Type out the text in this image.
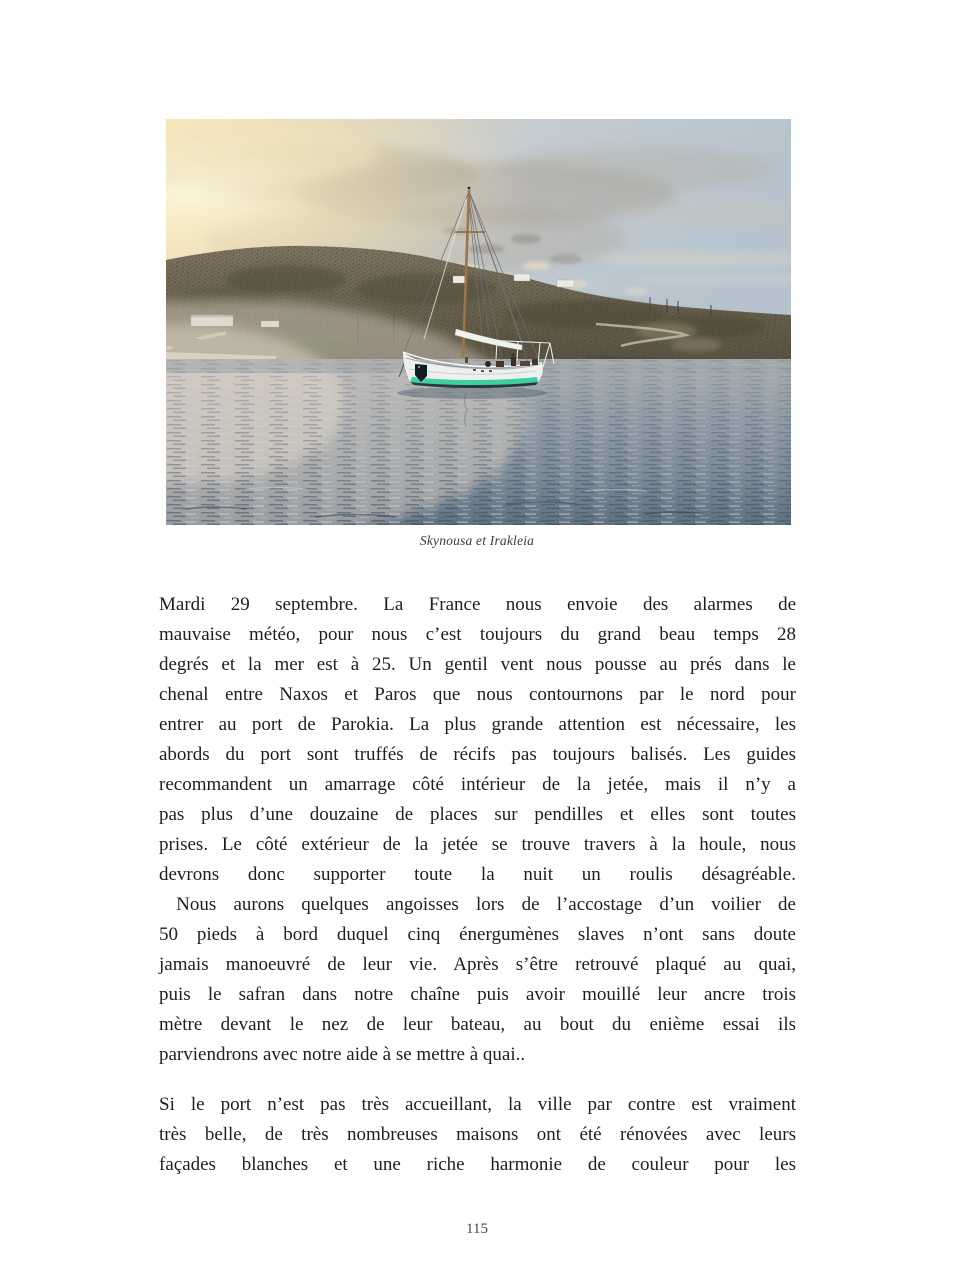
Skynousa et Irakleia
Mardi 29 septembre. La France nous envoie des alarmes de
mauvaise météo, pour nous c’est toujours du grand beau temps 28
degrés et la mer est à 25. Un gentil vent nous pousse au prés dans le
chenal entre Naxos et Paros que nous contournons par le nord pour
entrer au port de Parokia. La plus grande attention est nécessaire, les
abords du port sont truffés de récifs pas toujours balisés. Les guides
recommandent un amarrage côté intérieur de la jetée, mais il n’y a
pas plus d’une douzaine de places sur pendilles et elles sont toutes
prises. Le côté extérieur de la jetée se trouve travers à la houle, nous
devrons donc supporter toute la nuit un roulis désagréable.
Nous aurons quelques angoisses lors de l’accostage d’un voilier de
50 pieds à bord duquel cinq énergumènes slaves n’ont sans doute
jamais manoeuvré de leur vie. Après s’être retrouvé plaqué au quai,
puis le safran dans notre chaîne puis avoir mouillé leur ancre trois
mètre devant le nez de leur bateau, au bout du enième essai ils
parviendrons avec notre aide à se mettre à quai..
Si le port n’est pas très accueillant, la ville par contre est vraiment
très belle, de très nombreuses maisons ont été rénovées avec leurs
façades blanches et une riche harmonie de couleur pour les
115
